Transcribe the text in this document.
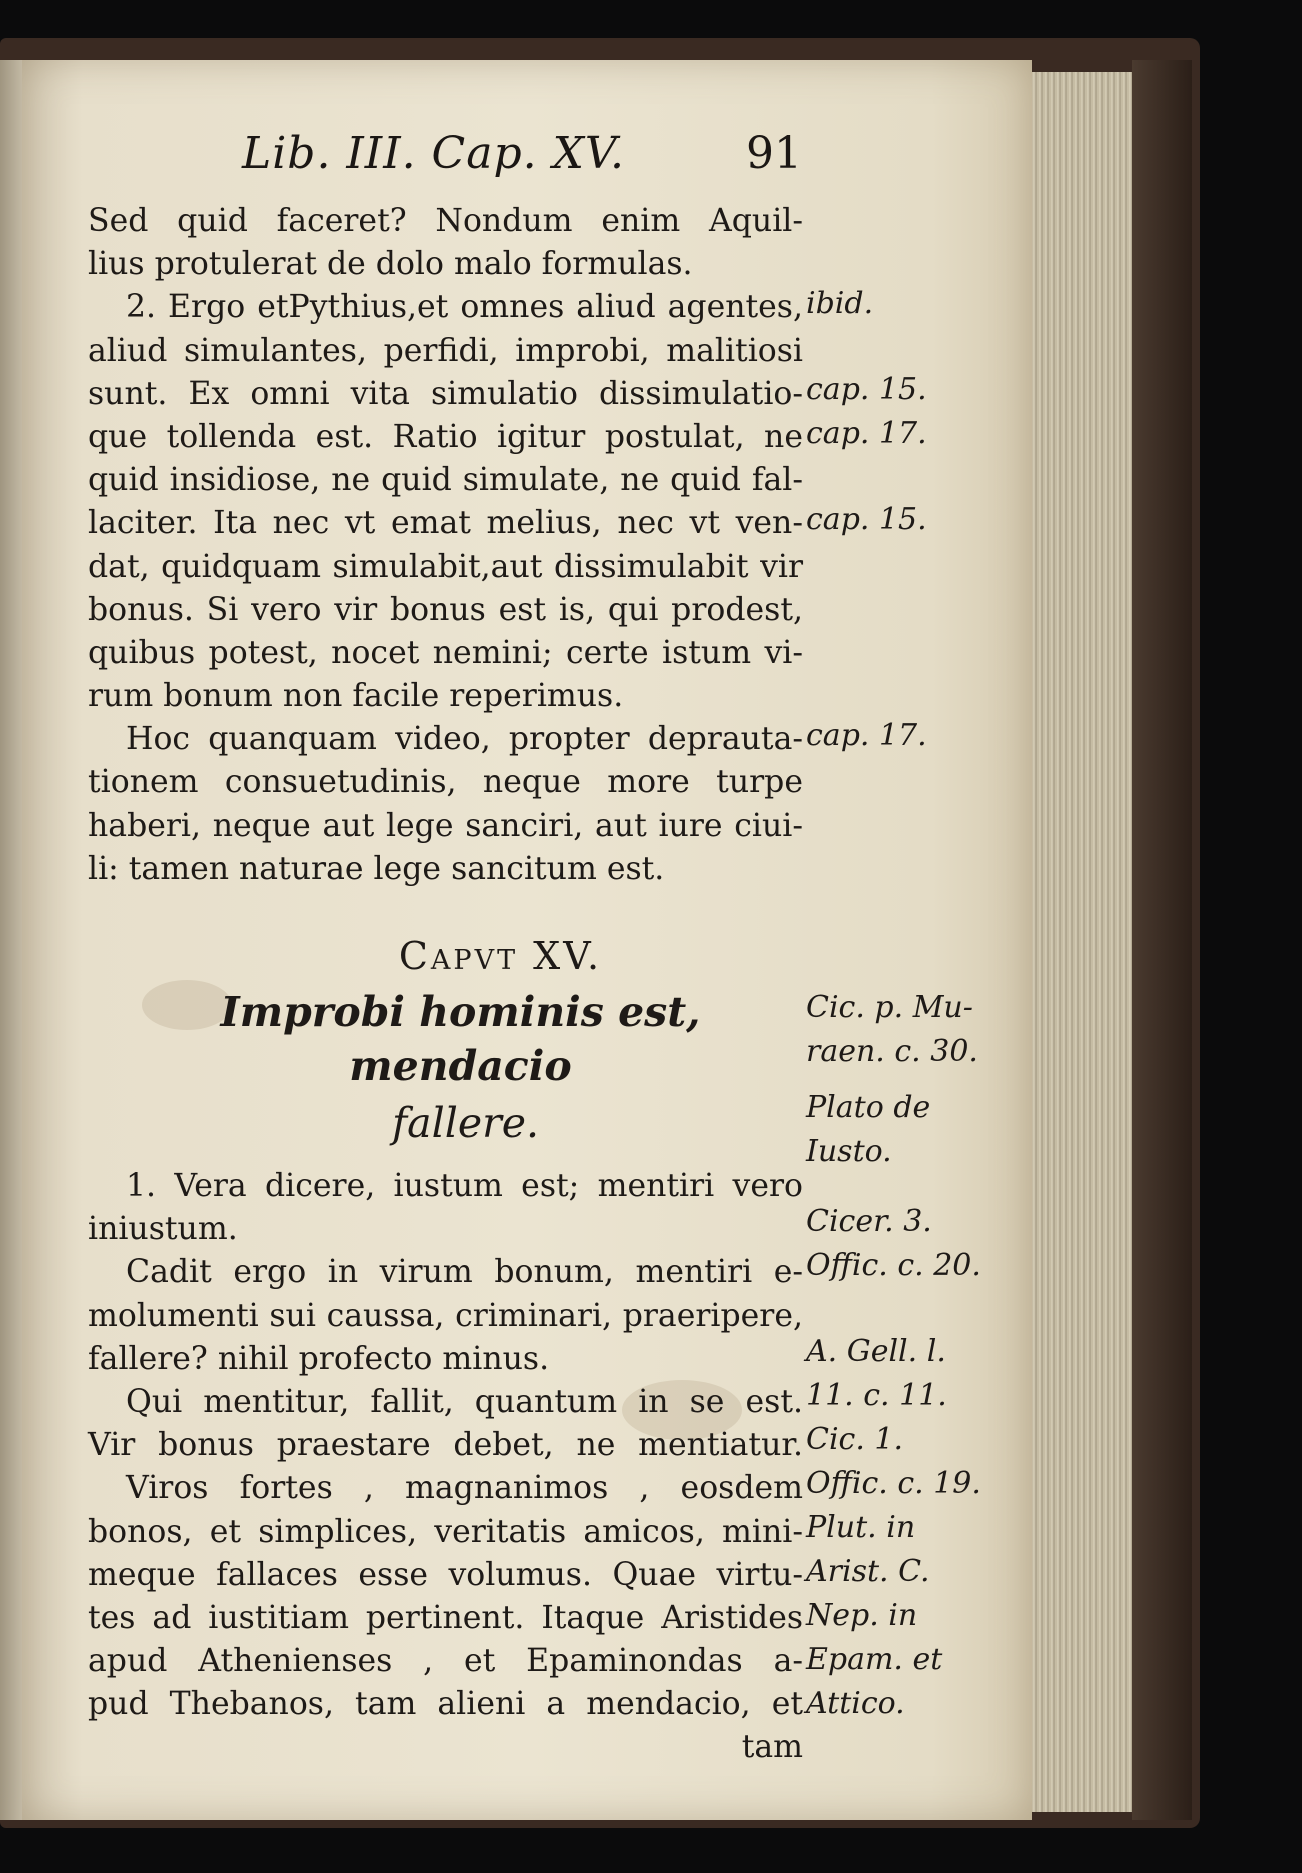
Lib. III. Cap. XV.	91
Sed quid faceret? Nondum enim Aquil-
lius protulerat de dolo malo formulas.
2. Ergo etPythius,et omnes aliud agentes,
aliud simulantes, perfidi, improbi, malitiosi
sunt. Ex omni vita simulatio dissimulatio-
que tollenda est. Ratio igitur postulat, ne
quid insidiose, ne quid simulate, ne quid fal-
laciter. Ita nec vt emat melius, nec vt ven-
dat, quidquam simulabit,aut dissimulabit vir
bonus. Si vero vir bonus est is, qui prodest,
quibus potest, nocet nemini; certe istum vi-
rum bonum non facile reperimus.
Hoc quanquam video, propter deprauta-
tionem consuetudinis, neque more turpe
haberi, neque aut lege sanciri, aut iure ciui-
li: tamen naturae lege sancitum est.
Capvt XV.
Improbi hominis est, mendacio
fallere.
1. Vera dicere, iustum est; mentiri vero
iniustum.
Cadit ergo in virum bonum, mentiri e-
molumenti sui caussa, criminari, praeripere,
fallere? nihil profecto minus.
Qui mentitur, fallit, quantum in se est.
Vir bonus praestare debet, ne mentiatur.
Viros fortes , magnanimos , eosdem
bonos, et simplices, veritatis amicos, mini-
meque fallaces esse volumus. Quae virtu-
tes ad iustitiam pertinent. Itaque Aristides
apud Athenienses , et Epaminondas a-
pud Thebanos, tam alieni a mendacio, et
tam
ibid.
cap. 15.
cap. 17.
cap. 15.
cap. 17.
Cic. p. Mu-
raen. c. 30.
Plato de
Iusto.
Cicer. 3.
Offic. c. 20.
A. Gell. l.
11. c. 11.
Cic. 1.
Offic. c. 19.
Plut. in
Arist. C.
Nep. in
Epam. et
Attico.
